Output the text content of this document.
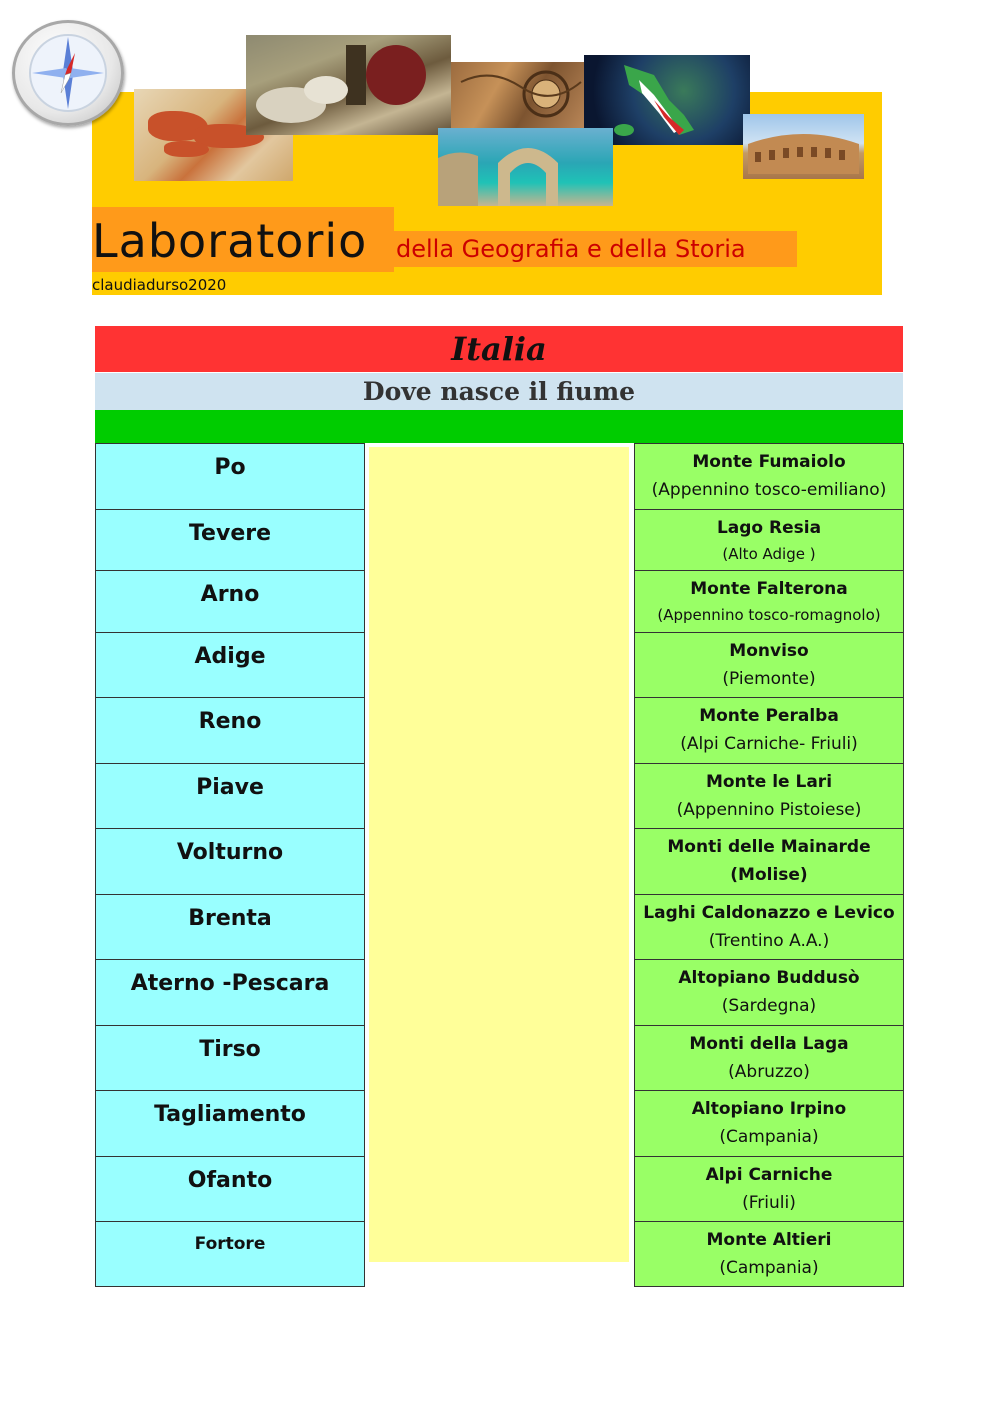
Laboratorio della Geografia e della Storia
claudiadurso2020
Italia
Dove nasce il fiume
Po
Tevere
Arno
Adige
Reno
Piave
Volturno
Brenta
Aterno -Pescara
Tirso
Tagliamento
Ofanto
Fortore
Monte Fumaiolo
(Appennino tosco-emiliano)
Lago Resia
(Alto Adige )
Monte Falterona
(Appennino tosco-romagnolo)
Monviso
(Piemonte)
Monte Peralba
(Alpi Carniche- Friuli)
Monte le Lari
(Appennino Pistoiese)
Monti delle Mainarde
(Molise)
Laghi Caldonazzo e Levico
(Trentino A.A.)
Altopiano Buddusò
(Sardegna)
Monti della Laga
(Abruzzo)
Altopiano Irpino
(Campania)
Alpi Carniche
(Friuli)
Monte Altieri
(Campania)
